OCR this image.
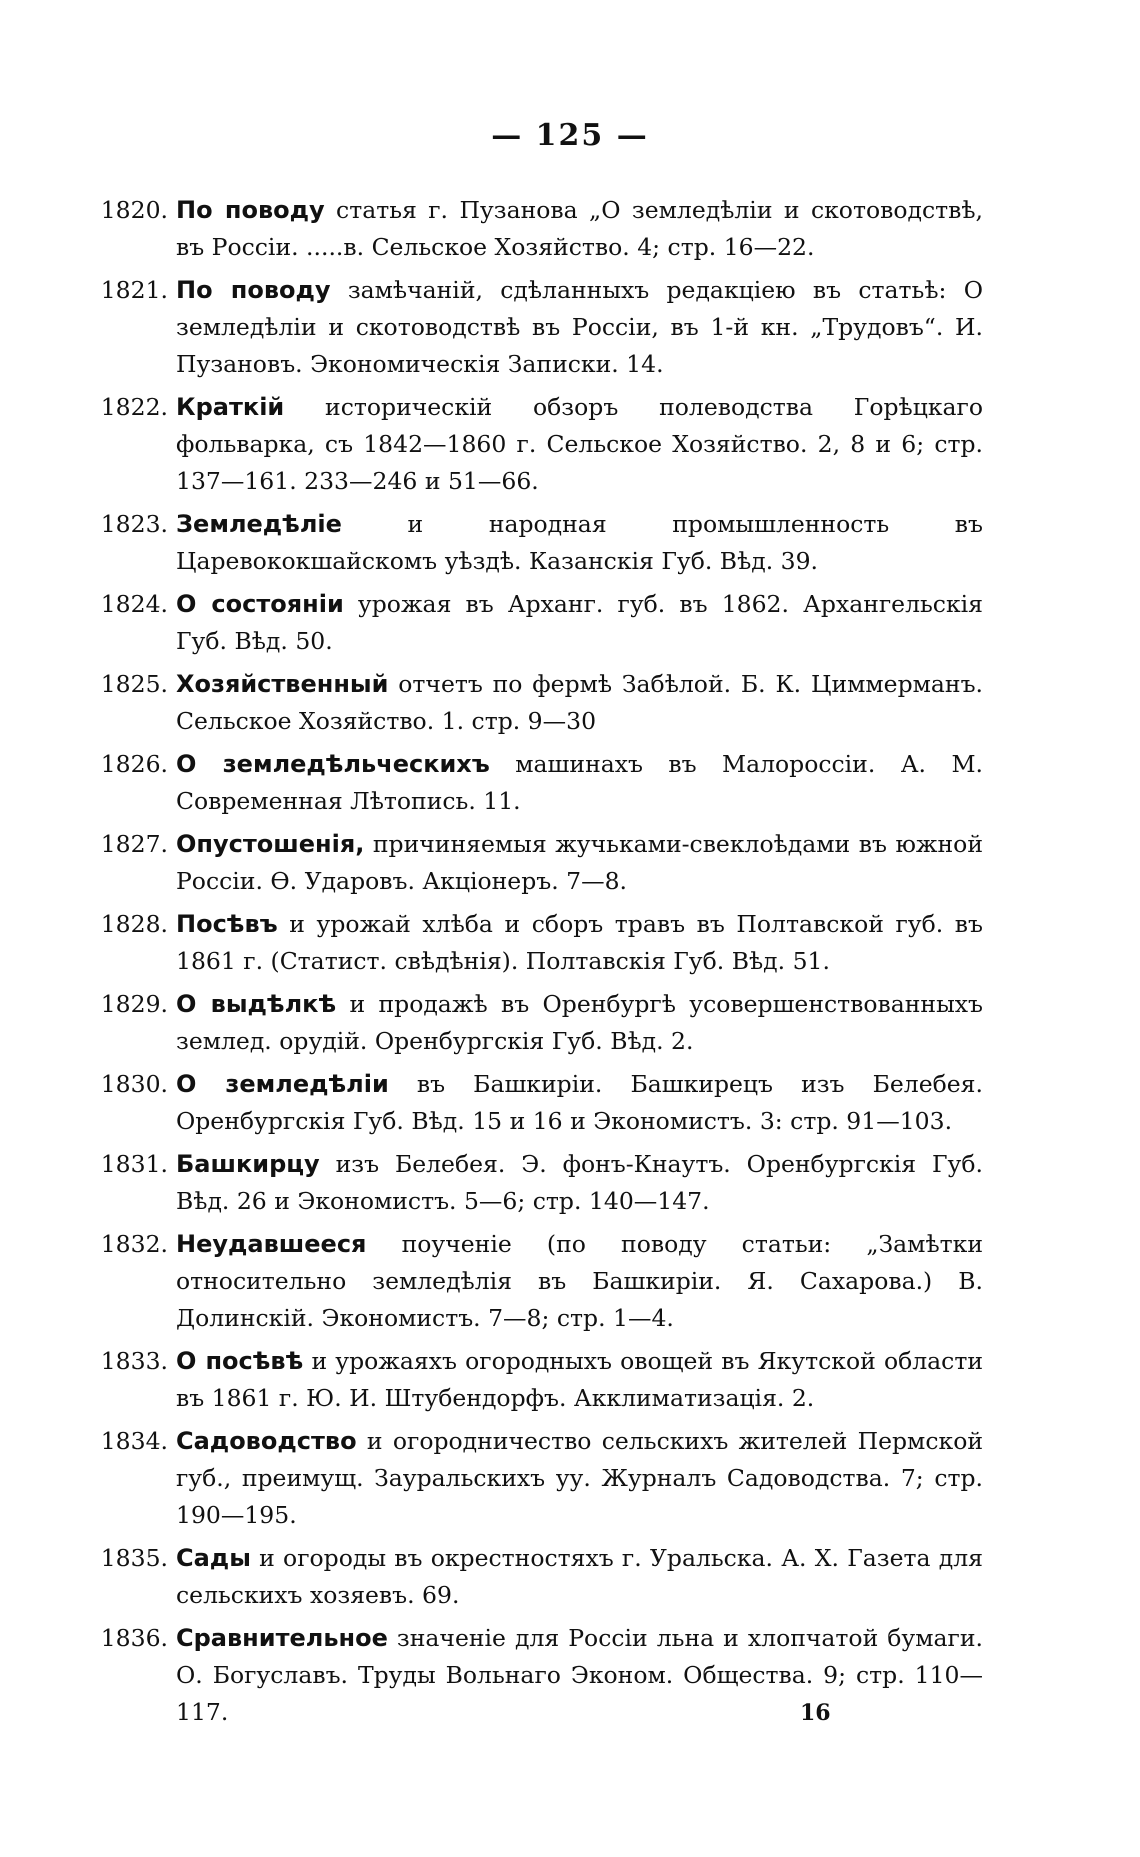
— 125 —
1820. По поводу статья г. Пузанова „О земледѣліи и скотоводствѣ, въ Россіи. .....в. Сельское Хозяйство. 4; стр. 16—22.
1821. По поводу замѣчаній, сдѣланныхъ редакціею въ статьѣ: О земледѣліи и скотоводствѣ въ Россіи, въ 1-й кн. „Трудовъ“. И. Пузановъ. Экономическія Записки. 14.
1822. Краткій историческій обзоръ полеводства Горѣцкаго фольварка, съ 1842—1860 г. Сельское Хозяйство. 2, 8 и 6; стр. 137—161. 233—246 и 51—66.
1823. Земледѣліе и народная промышленность въ Царевококшайскомъ уѣздѣ. Казанскія Губ. Вѣд. 39.
1824. О состояніи урожая въ Арханг. губ. въ 1862. Архангельскія Губ. Вѣд. 50.
1825. Хозяйственный отчетъ по фермѣ Забѣлой. Б. К. Циммерманъ. Сельское Хозяйство. 1. стр. 9—30
1826. О земледѣльческихъ машинахъ въ Малороссіи. А. М. Современная Лѣтопись. 11.
1827. Опустошенія, причиняемыя жучьками-свеклоѣдами въ южной Россіи. Ѳ. Ударовъ. Акціонеръ. 7—8.
1828. Посѣвъ и урожай хлѣба и сборъ травъ въ Полтавской губ. въ 1861 г. (Статист. свѣдѣнія). Полтавскія Губ. Вѣд. 51.
1829. О выдѣлкѣ и продажѣ въ Оренбургѣ усовершенствованныхъ землед. орудій. Оренбургскія Губ. Вѣд. 2.
1830. О земледѣліи въ Башкиріи. Башкирецъ изъ Белебея. Оренбургскія Губ. Вѣд. 15 и 16 и Экономистъ. 3: стр. 91—103.
1831. Башкирцу изъ Белебея. Э. фонъ-Кнаутъ. Оренбургскія Губ. Вѣд. 26 и Экономистъ. 5—6; стр. 140—147.
1832. Неудавшееся поученіе (по поводу статьи: „Замѣтки относительно земледѣлія въ Башкиріи. Я. Сахарова.) В. Долинскій. Экономистъ. 7—8; стр. 1—4.
1833. О посѣвѣ и урожаяхъ огородныхъ овощей въ Якутской области въ 1861 г. Ю. И. Штубендорфъ. Акклиматизація. 2.
1834. Садоводство и огородничество сельскихъ жителей Пермской губ., преимущ. Зауральскихъ уу. Журналъ Садоводства. 7; стр. 190—195.
1835. Сады и огороды въ окрестностяхъ г. Уральска. А. Х. Газета для сельскихъ хозяевъ. 69.
1836. Сравнительное значеніе для Россіи льна и хлопчатой бумаги. О. Богуславъ. Труды Вольнаго Эконом. Общества. 9; стр. 110—117.	16
